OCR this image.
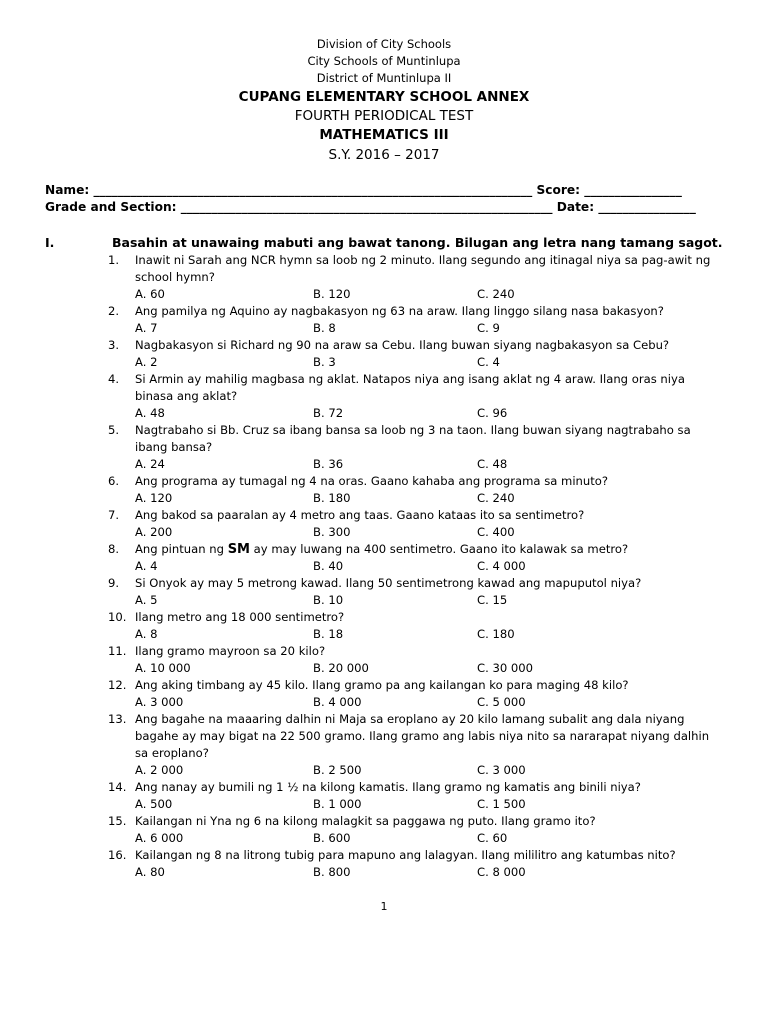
Division of City Schools
City Schools of Muntinlupa
District of Muntinlupa II
CUPANG ELEMENTARY SCHOOL ANNEX
FOURTH PERIODICAL TEST
MATHEMATICS III
S.Y. 2016 – 2017
Name: ________________________________________________________________________ Score: ________________
Grade and Section: _____________________________________________________________ Date: ________________
I.	Basahin at unawaing mabuti ang bawat tanong. Bilugan ang letra nang tamang sagot.
1. Inawit ni Sarah ang NCR hymn sa loob ng 2 minuto. Ilang segundo ang itinagal niya sa pag-awit ng school hymn?
A. 60	B. 120	C. 240
2. Ang pamilya ng Aquino ay nagbakasyon ng 63 na araw. Ilang linggo silang nasa bakasyon?
A. 7	B. 8	C. 9
3. Nagbakasyon si Richard ng 90 na araw sa Cebu. Ilang buwan siyang nagbakasyon sa Cebu?
A. 2	B. 3	C. 4
4. Si Armin ay mahilig magbasa ng aklat. Natapos niya ang isang aklat ng 4 araw. Ilang oras niya binasa ang aklat?
A. 48	B. 72	C. 96
5. Nagtrabaho si Bb. Cruz sa ibang bansa sa loob ng 3 na taon. Ilang buwan siyang nagtrabaho sa ibang bansa?
A. 24	B. 36	C. 48
6. Ang programa ay tumagal ng 4 na oras. Gaano kahaba ang programa sa minuto?
A. 120	B. 180	C. 240
7. Ang bakod sa paaralan ay 4 metro ang taas. Gaano kataas ito sa sentimetro?
A. 200	B. 300	C. 400
8. Ang pintuan ng SM ay may luwang na 400 sentimetro. Gaano ito kalawak sa metro?
A. 4	B. 40	C. 4 000
9. Si Onyok ay may 5 metrong kawad. Ilang 50 sentimetrong kawad ang mapuputol niya?
A. 5	B. 10	C. 15
10. Ilang metro ang 18 000 sentimetro?
A. 8	B. 18	C. 180
11. Ilang gramo mayroon sa 20 kilo?
A. 10 000	B. 20 000	C. 30 000
12. Ang aking timbang ay 45 kilo. Ilang gramo pa ang kailangan ko para maging 48 kilo?
A. 3 000	B. 4 000	C. 5 000
13. Ang bagahe na maaaring dalhin ni Maja sa eroplano ay 20 kilo lamang subalit ang dala niyang bagahe ay may bigat na 22 500 gramo. Ilang gramo ang labis niya nito sa nararapat niyang dalhin sa eroplano?
A. 2 000	B. 2 500	C. 3 000
14. Ang nanay ay bumili ng 1 ½ na kilong kamatis. Ilang gramo ng kamatis ang binili niya?
A. 500	B. 1 000	C. 1 500
15. Kailangan ni Yna ng 6 na kilong malagkit sa paggawa ng puto. Ilang gramo ito?
A. 6 000	B. 600	C. 60
16. Kailangan ng 8 na litrong tubig para mapuno ang lalagyan. Ilang mililitro ang katumbas nito?
A. 80	B. 800	C. 8 000
1
